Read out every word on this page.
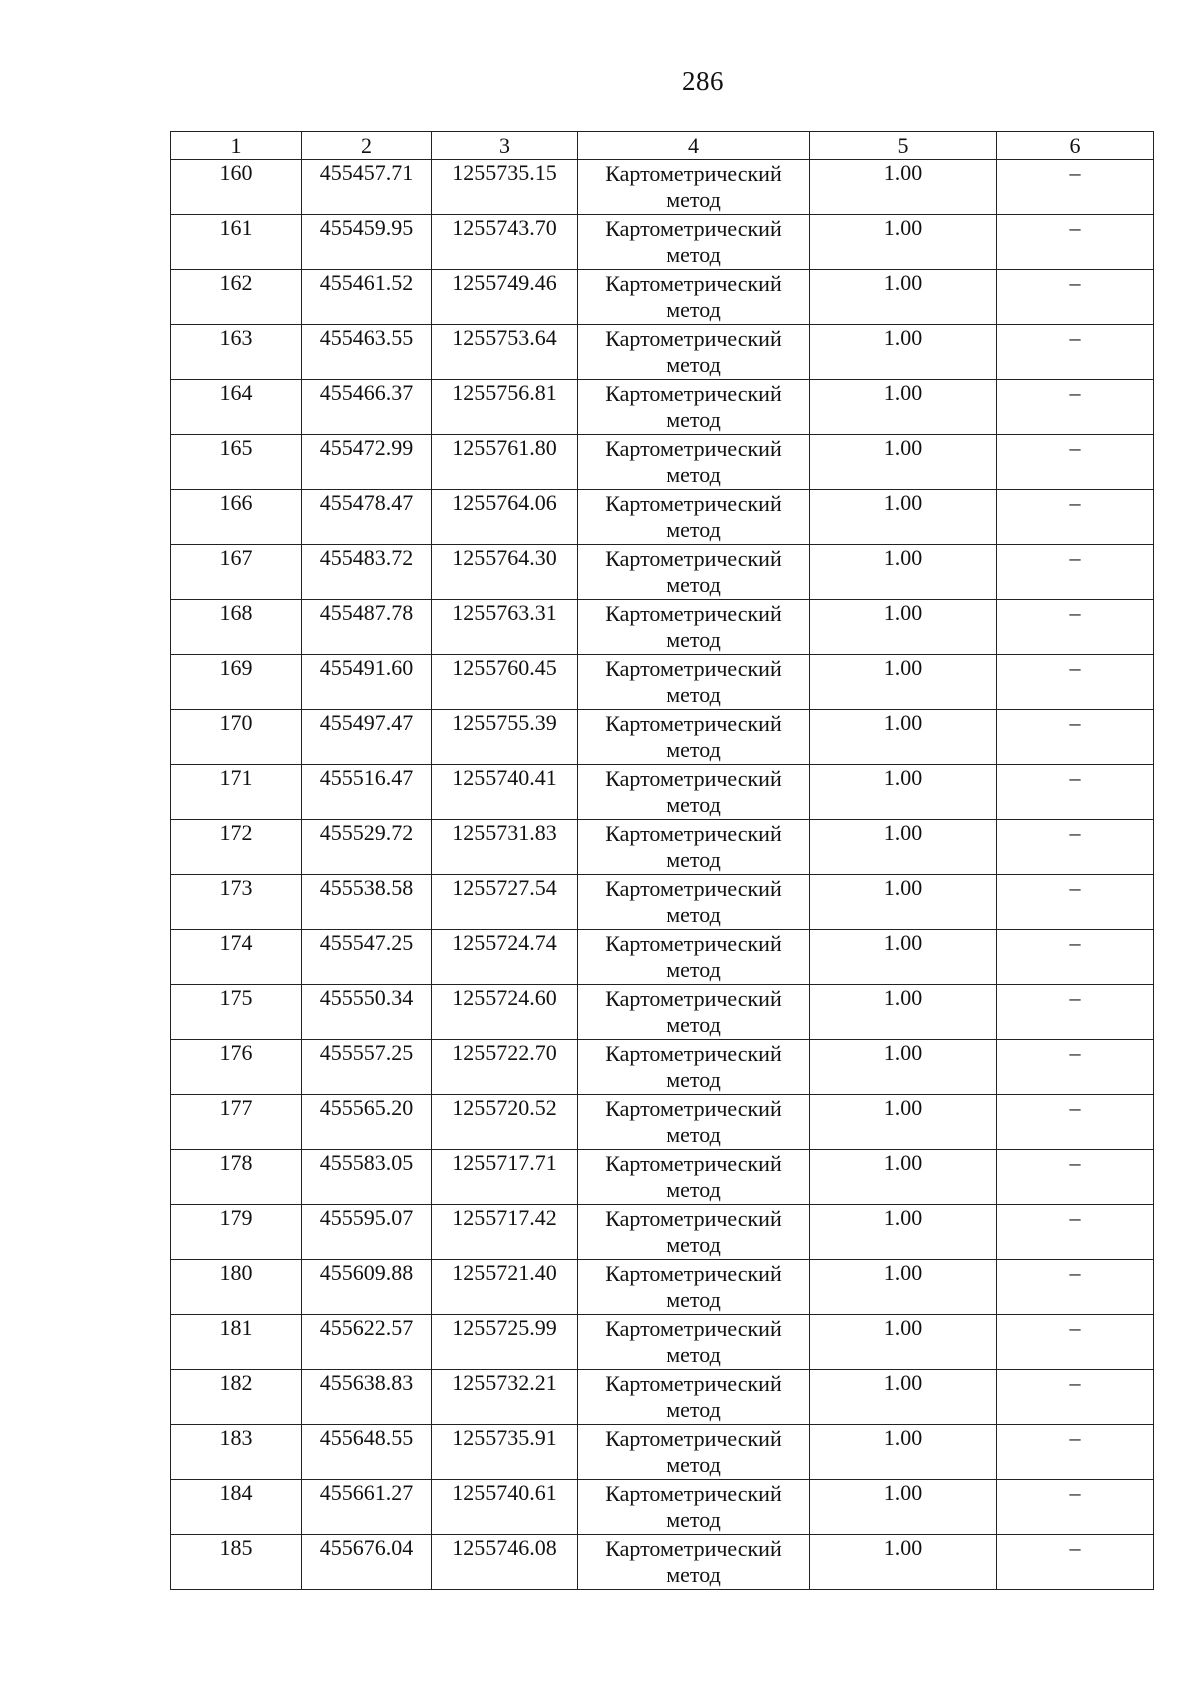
286
1	2	3	4	5	6
160	455457.71	1255735.15	Картометрический метод	1.00	–
161	455459.95	1255743.70	Картометрический метод	1.00	–
162	455461.52	1255749.46	Картометрический метод	1.00	–
163	455463.55	1255753.64	Картометрический метод	1.00	–
164	455466.37	1255756.81	Картометрический метод	1.00	–
165	455472.99	1255761.80	Картометрический метод	1.00	–
166	455478.47	1255764.06	Картометрический метод	1.00	–
167	455483.72	1255764.30	Картометрический метод	1.00	–
168	455487.78	1255763.31	Картометрический метод	1.00	–
169	455491.60	1255760.45	Картометрический метод	1.00	–
170	455497.47	1255755.39	Картометрический метод	1.00	–
171	455516.47	1255740.41	Картометрический метод	1.00	–
172	455529.72	1255731.83	Картометрический метод	1.00	–
173	455538.58	1255727.54	Картометрический метод	1.00	–
174	455547.25	1255724.74	Картометрический метод	1.00	–
175	455550.34	1255724.60	Картометрический метод	1.00	–
176	455557.25	1255722.70	Картометрический метод	1.00	–
177	455565.20	1255720.52	Картометрический метод	1.00	–
178	455583.05	1255717.71	Картометрический метод	1.00	–
179	455595.07	1255717.42	Картометрический метод	1.00	–
180	455609.88	1255721.40	Картометрический метод	1.00	–
181	455622.57	1255725.99	Картометрический метод	1.00	–
182	455638.83	1255732.21	Картометрический метод	1.00	–
183	455648.55	1255735.91	Картометрический метод	1.00	–
184	455661.27	1255740.61	Картометрический метод	1.00	–
185	455676.04	1255746.08	Картометрический метод	1.00	–
